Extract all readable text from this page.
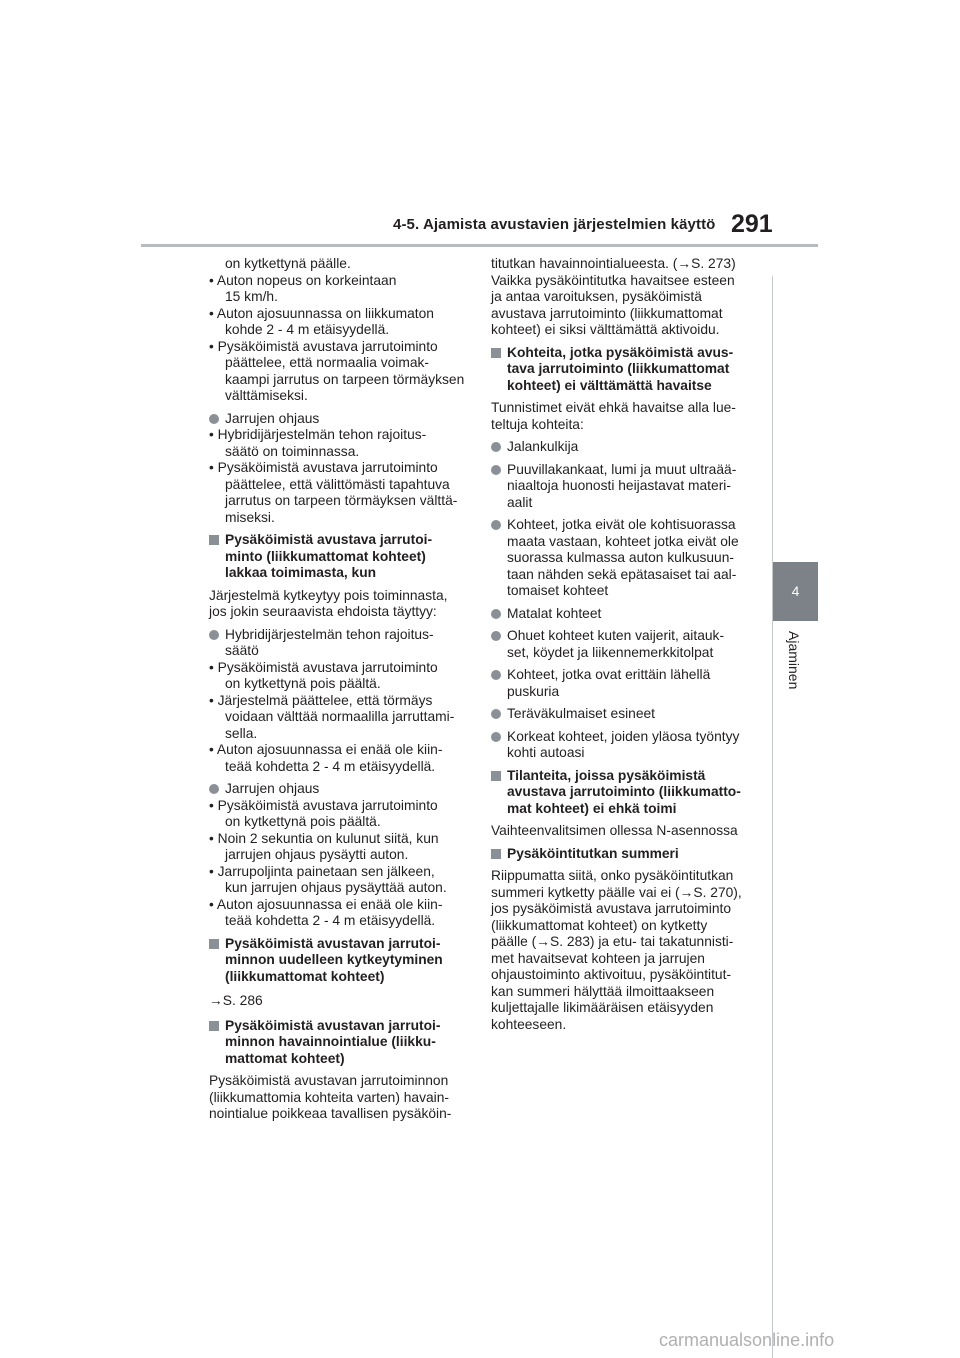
4-5. Ajamista avustavien järjestelmien käyttö 291
4
Ajaminen
on kytkettynä päälle.
• Auton nopeus on korkeintaan
15 km/h.
• Auton ajosuunnassa on liikkumaton
kohde 2 - 4 m etäisyydellä.
• Pysäköimistä avustava jarrutoiminto
päättelee, että normaalia voimak-
kaampi jarrutus on tarpeen törmäyksen
välttämiseksi.
Jarrujen ohjaus
• Hybridijärjestelmän tehon rajoitus-
säätö on toiminnassa.
• Pysäköimistä avustava jarrutoiminto
päättelee, että välittömästi tapahtuva
jarrutus on tarpeen törmäyksen välttä-
miseksi.
Pysäköimistä avustava jarrutoi-
minto (liikkumattomat kohteet)
lakkaa toimimasta, kun
Järjestelmä kytkeytyy pois toiminnasta,
jos jokin seuraavista ehdoista täyttyy:
Hybridijärjestelmän tehon rajoitus-
säätö
• Pysäköimistä avustava jarrutoiminto
on kytkettynä pois päältä.
• Järjestelmä päättelee, että törmäys
voidaan välttää normaalilla jarruttami-
sella.
• Auton ajosuunnassa ei enää ole kiin-
teää kohdetta 2 - 4 m etäisyydellä.
Jarrujen ohjaus
• Pysäköimistä avustava jarrutoiminto
on kytkettynä pois päältä.
• Noin 2 sekuntia on kulunut siitä, kun
jarrujen ohjaus pysäytti auton.
• Jarrupoljinta painetaan sen jälkeen,
kun jarrujen ohjaus pysäyttää auton.
• Auton ajosuunnassa ei enää ole kiin-
teää kohdetta 2 - 4 m etäisyydellä.
Pysäköimistä avustavan jarrutoi-
minnon uudelleen kytkeytyminen
(liikkumattomat kohteet)
→S. 286
Pysäköimistä avustavan jarrutoi-
minnon havainnointialue (liikku-
mattomat kohteet)
Pysäköimistä avustavan jarrutoiminnon
(liikkumattomia kohteita varten) havain-
nointialue poikkeaa tavallisen pysäköin-
titutkan havainnointialueesta. (→S. 273)
Vaikka pysäköintitutka havaitsee esteen
ja antaa varoituksen, pysäköimistä
avustava jarrutoiminto (liikkumattomat
kohteet) ei siksi välttämättä aktivoidu.
Kohteita, jotka pysäköimistä avus-
tava jarrutoiminto (liikkumattomat
kohteet) ei välttämättä havaitse
Tunnistimet eivät ehkä havaitse alla lue-
teltuja kohteita:
Jalankulkija
Puuvillakankaat, lumi ja muut ultraää-
niaaltoja huonosti heijastavat materi-
aalit
Kohteet, jotka eivät ole kohtisuorassa
maata vastaan, kohteet jotka eivät ole
suorassa kulmassa auton kulkusuun-
taan nähden sekä epätasaiset tai aal-
tomaiset kohteet
Matalat kohteet
Ohuet kohteet kuten vaijerit, aitauk-
set, köydet ja liikennemerkkitolpat
Kohteet, jotka ovat erittäin lähellä
puskuria
Teräväkulmaiset esineet
Korkeat kohteet, joiden yläosa työntyy
kohti autoasi
Tilanteita, joissa pysäköimistä
avustava jarrutoiminto (liikkumatto-
mat kohteet) ei ehkä toimi
Vaihteenvalitsimen ollessa N-asennossa
Pysäköintitutkan summeri
Riippumatta siitä, onko pysäköintitutkan
summeri kytketty päälle vai ei (→S. 270),
jos pysäköimistä avustava jarrutoiminto
(liikkumattomat kohteet) on kytketty
päälle (→S. 283) ja etu- tai takatunnisti-
met havaitsevat kohteen ja jarrujen
ohjaustoiminto aktivoituu, pysäköintitut-
kan summeri hälyttää ilmoittaakseen
kuljettajalle likimääräisen etäisyyden
kohteeseen.
carmanualsonline.info
